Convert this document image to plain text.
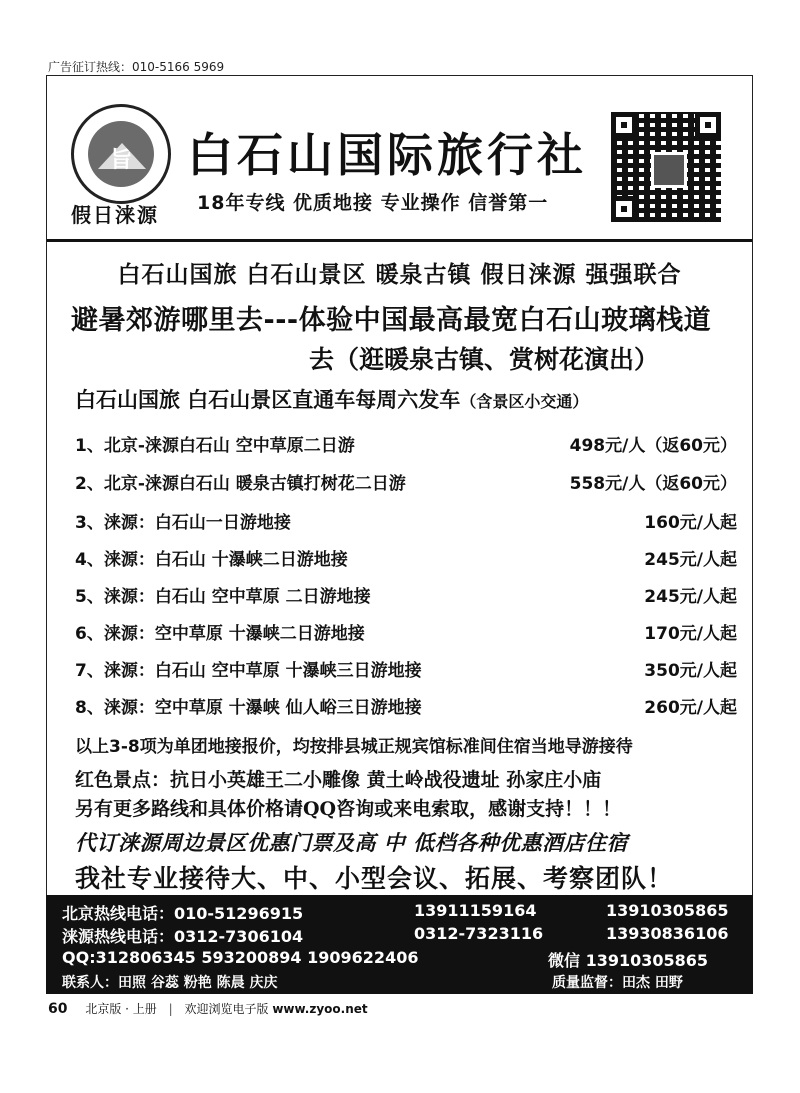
广告征订热线：010-5166 5969
旨
假日涞源
白石山国际旅行社
18年专线 优质地接 专业操作 信誉第一
白石山国旅 白石山景区 暖泉古镇 假日涞源 强强联合
避暑郊游哪里去---体验中国最高最宽白石山玻璃栈道
去（逛暖泉古镇、赏树花演出）
白石山国旅 白石山景区直通车每周六发车（含景区小交通）
1、北京-涞源白石山 空中草原二日游	498元/人（返60元）
2、北京-涞源白石山 暖泉古镇打树花二日游	558元/人（返60元）
3、涞源：白石山一日游地接	160元/人起
4、涞源：白石山 十瀑峡二日游地接	245元/人起
5、涞源：白石山 空中草原 二日游地接	245元/人起
6、涞源：空中草原 十瀑峡二日游地接	170元/人起
7、涞源：白石山 空中草原 十瀑峡三日游地接	350元/人起
8、涞源：空中草原 十瀑峡 仙人峪三日游地接	260元/人起
以上3-8项为单团地接报价，均按排县城正规宾馆标准间住宿当地导游接待
红色景点：抗日小英雄王二小雕像 黄土岭战役遗址 孙家庄小庙
另有更多路线和具体价格请QQ咨询或来电索取，感谢支持！！！
代订涞源周边景区优惠门票及高 中 低档各种优惠酒店住宿
我社专业接待大、中、小型会议、拓展、考察团队！
北京热线电话：010-51296915	13911159164	13910305865
涞源热线电话：0312-7306104	0312-7323116	13930836106
QQ:312806345 593200894 1909622406	微信 13910305865
联系人：田照 谷蕊 粉艳 陈晨 庆庆	质量监督：田杰 田野
60 北京版 · 上册 | 欢迎浏览电子版 www.zyoo.net
